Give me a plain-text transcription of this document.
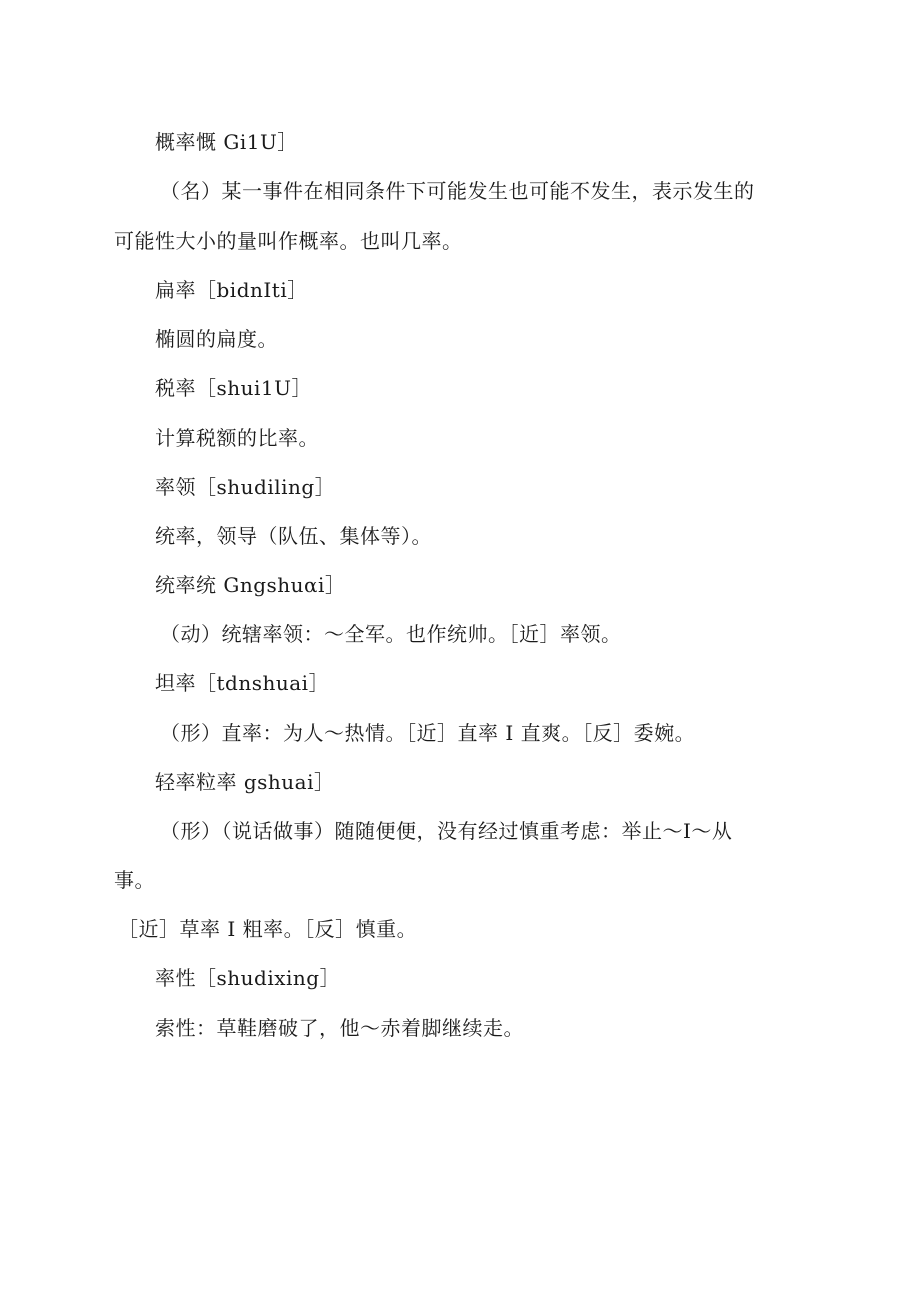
概率慨 Gi1U］
（名）某一事件在相同条件下可能发生也可能不发生，表示发生的
可能性大小的量叫作概率。也叫几率。
扁率［bidnIti］
椭圆的扁度。
税率［shui1U］
计算税额的比率。
率领［shudiling］
统率，领导（队伍、集体等）。
统率统 Gngshuαi］
（动）统辖率领：～全军。也作统帅。［近］率领。
坦率［tdnshuai］
（形）直率：为人～热情。［近］直率 I 直爽。［反］委婉。
轻率粒率 gshuai］
（形）（说话做事）随随便便，没有经过慎重考虑：举止～I～从
事。
［近］草率 I 粗率。［反］慎重。
率性［shudixing］
索性：草鞋磨破了，他～赤着脚继续走。
